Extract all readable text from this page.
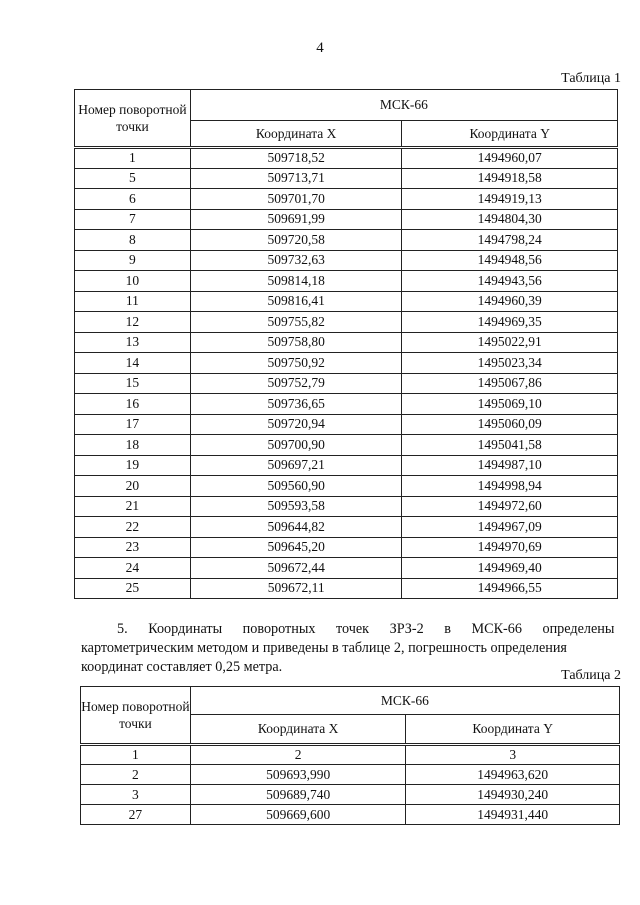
4
Таблица 1
Номер поворотной точки	МСК-66	
	Координата X	Координата Y
1	509718,52	1494960,07
5	509713,71	1494918,58
6	509701,70	1494919,13
7	509691,99	1494804,30
8	509720,58	1494798,24
9	509732,63	1494948,56
10	509814,18	1494943,56
11	509816,41	1494960,39
12	509755,82	1494969,35
13	509758,80	1495022,91
14	509750,92	1495023,34
15	509752,79	1495067,86
16	509736,65	1495069,10
17	509720,94	1495060,09
18	509700,90	1495041,58
19	509697,21	1494987,10
20	509560,90	1494998,94
21	509593,58	1494972,60
22	509644,82	1494967,09
23	509645,20	1494970,69
24	509672,44	1494969,40
25	509672,11	1494966,55
5. Координаты поворотных точек ЗРЗ-2 в МСК-66 определены
картометрическим методом и приведены в таблице 2, погрешность определения
координат составляет 0,25 метра.
Таблица 2
Номер поворотной точки	МСК-66	
	Координата X	Координата Y
1	2	3
2	509693,990	1494963,620
3	509689,740	1494930,240
27	509669,600	1494931,440
